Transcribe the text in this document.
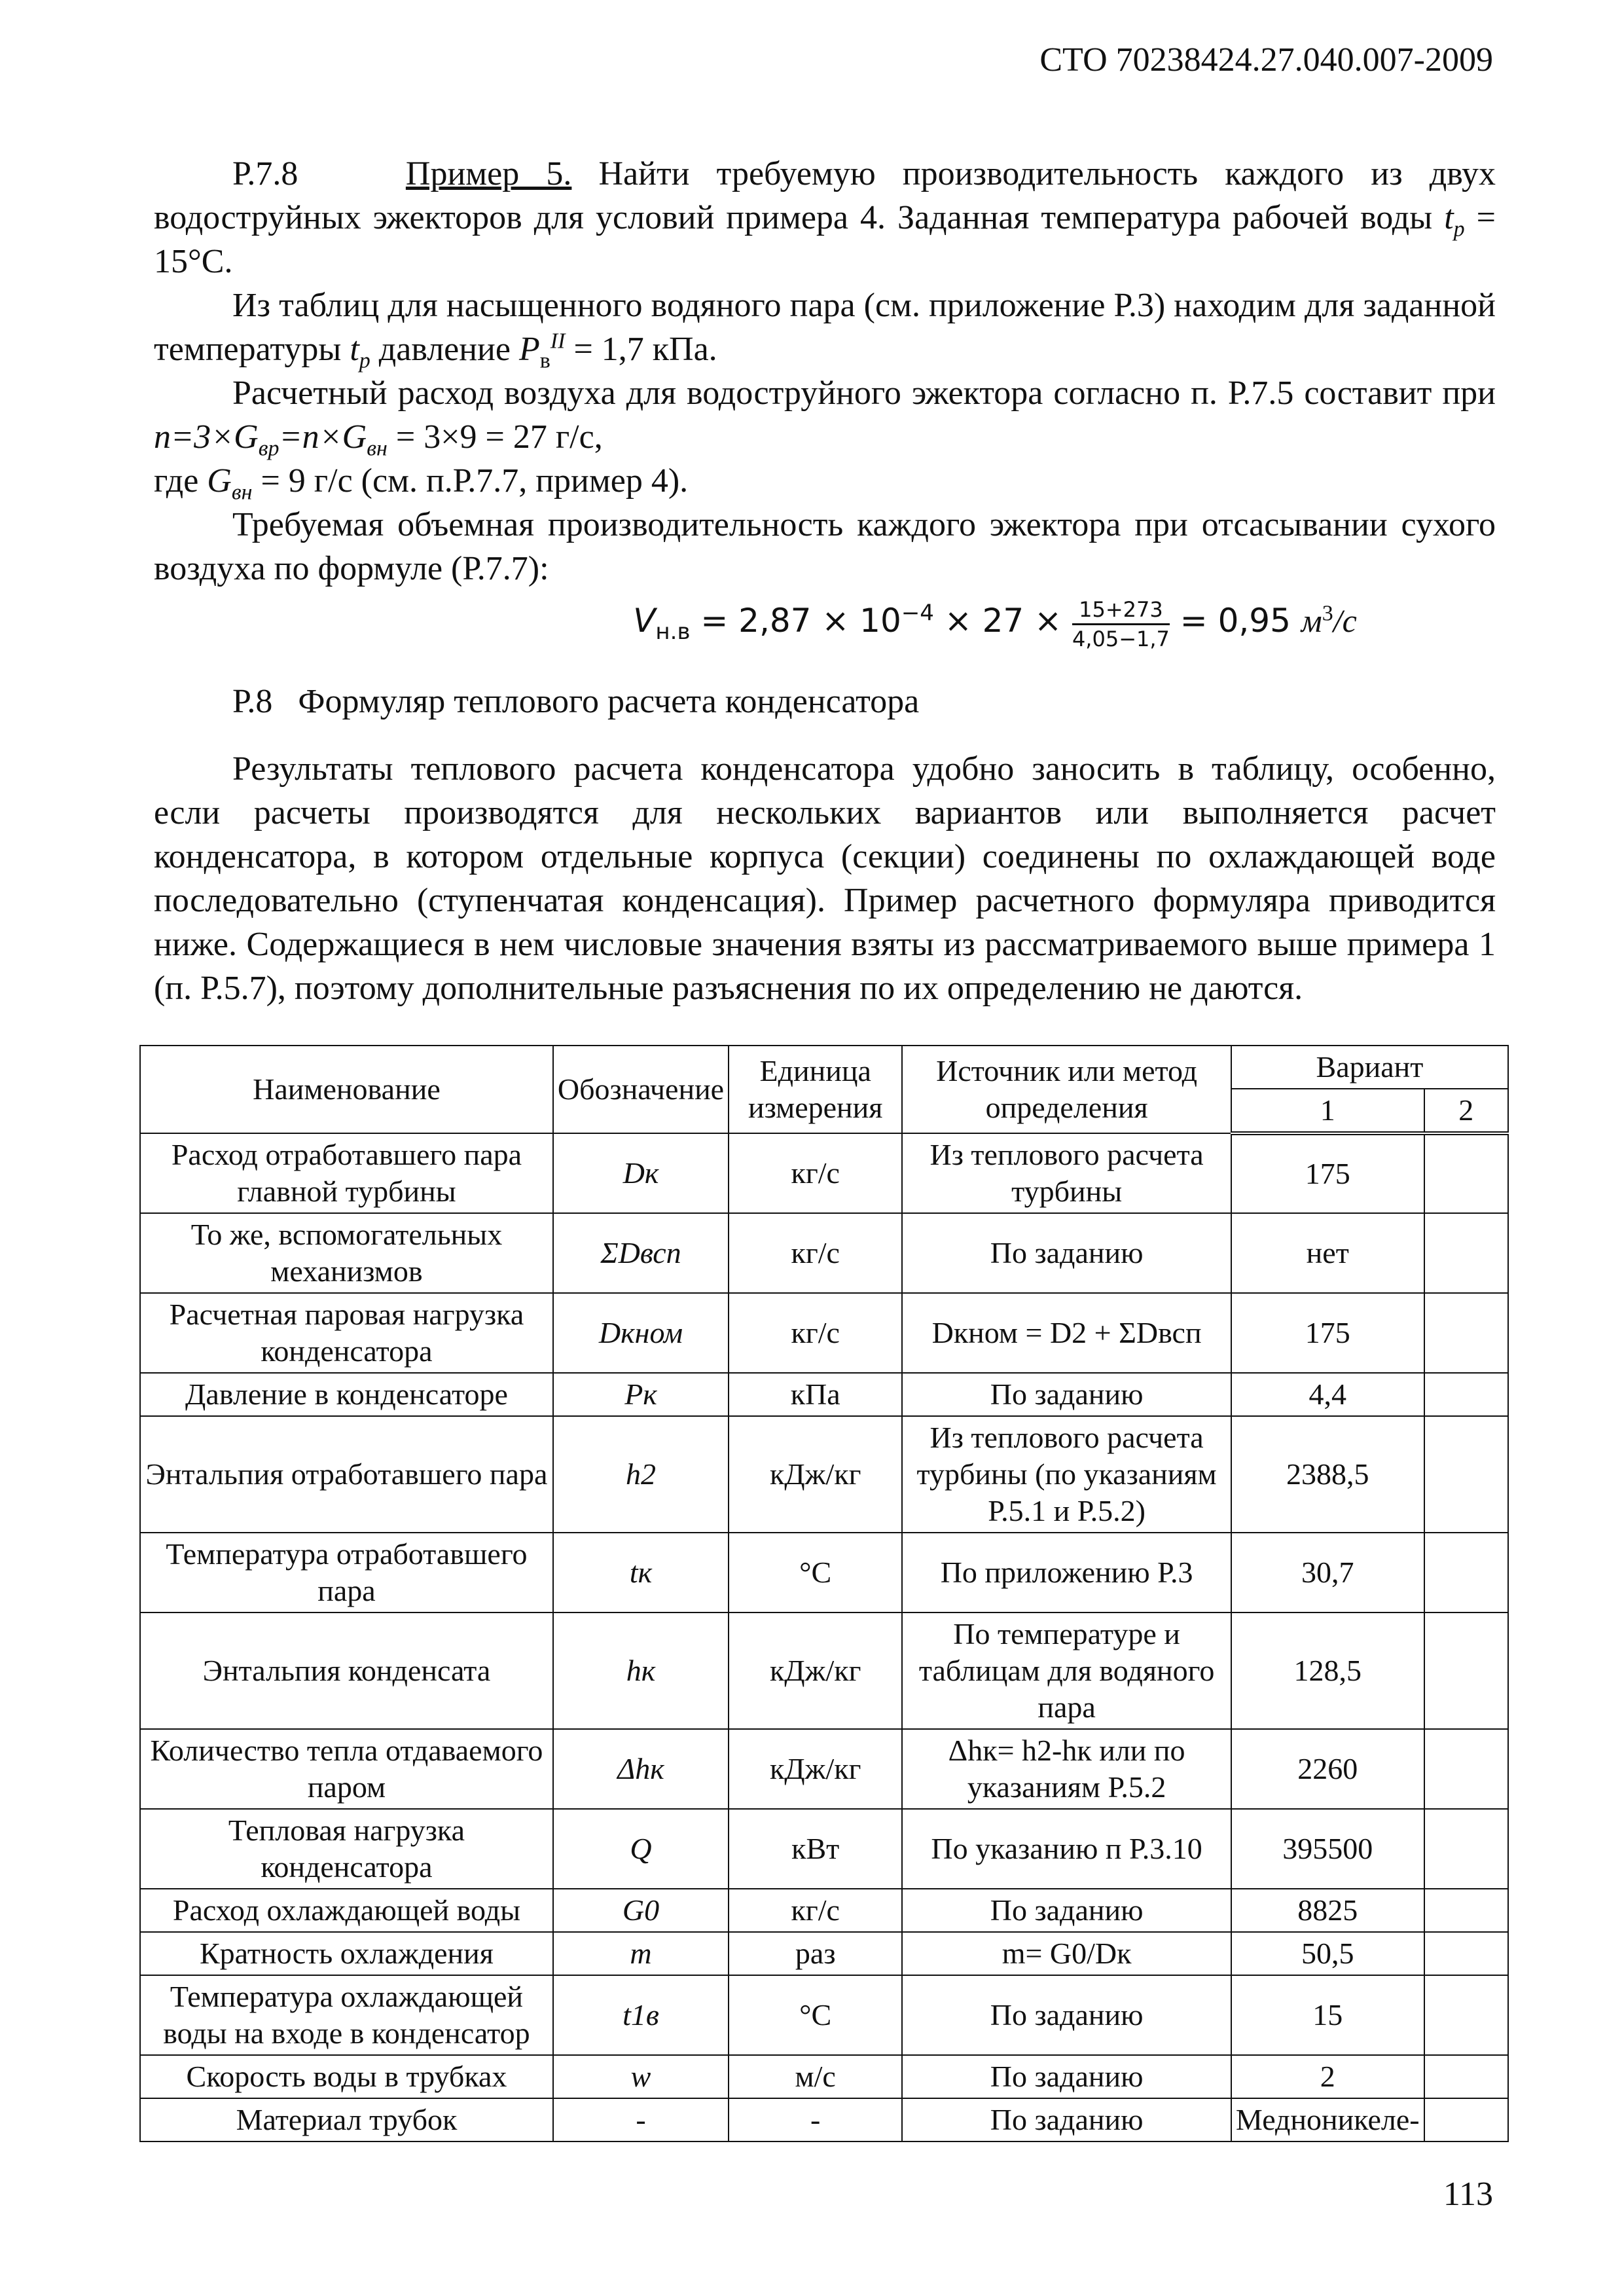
СТО 70238424.27.040.007-2009

Р.7.8	Пример 5. Найти требуемую производительность каждого из двух водоструйных эжекторов для условий примера 4. Заданная температура рабочей воды $t_p = 15^\circ С$.

Из таблиц для насыщенного водяного пара (см. приложение Р.3) находим для заданной температуры $t_p$ давление $P_в^{II} = 1,7$ кПа.

Расчетный расход воздуха для водоструйного эжектора согласно п. Р.7.5 составит при $n=3\times G_{вр}=n\times G_{вн} = 3\times 9 = 27$ г/с,

где $G_{вн} = 9$ г/с (см. п.Р.7.7, пример 4).

Требуемая объемная производительность каждого эжектора при отсасывании сухого воздуха по формуле (Р.7.7):

$V_{н.в} = 2,87 \times 10^{-4} \times 27 \times \frac{15+273}{4,05-1,7} = 0,95$ $м^3/с$

Р.8 Формуляр теплового расчета конденсатора

Результаты теплового расчета конденсатора удобно заносить в таблицу, особенно, если расчеты производятся для нескольких вариантов или выполняется расчет конденсатора, в котором отдельные корпуса (секции) соединены по охлаждающей воде последовательно (ступенчатая конденсация). Пример расчетного формуляра приводится ниже. Содержащиеся в нем числовые значения взяты из рассматриваемого выше примера 1 (п. Р.5.7), поэтому дополнительные разъяснения по их определению не даются.

Наименование	Обозначение	Единица измерения	Источник или метод определения	Вариант	
				1	2
Расход отработавшего пара главной турбины	Dк	кг/с	Из теплового расчета турбины	175	
То же, вспомогательных механизмов	ΣDвсп	кг/с	По заданию	нет	
Расчетная паровая нагрузка конденсатора	Dкном	кг/с	Dкном = D2 + ΣDвсп	175	
Давление в конденсаторе	Pк	кПа	По заданию	4,4	
Энтальпия отработавшего пара	h2	кДж/кг	Из теплового расчета турбины (по указаниям Р.5.1 и Р.5.2)	2388,5	
Температура отработавшего пара	tк	°С	По приложению Р.3	30,7	
Энтальпия конденсата	hк	кДж/кг	По температуре и таблицам для водяного пара	128,5	
Количество тепла отдаваемого паром	Δhк	кДж/кг	Δhк= h2-hк или по указаниям Р.5.2	2260	
Тепловая нагрузка конденсатора	Q	кВт	По указанию п Р.3.10	395500	
Расход охлаждающей воды	G0	кг/с	По заданию	8825	
Кратность охлаждения	m	раз	m= G0/Dк	50,5	
Температура охлаждающей воды на входе в конденсатор	t1в	°С	По заданию	15	
Скорость воды в трубках	w	м/с	По заданию	2	
Материал трубок	-	-	По заданию	Медноникеле-	
113
